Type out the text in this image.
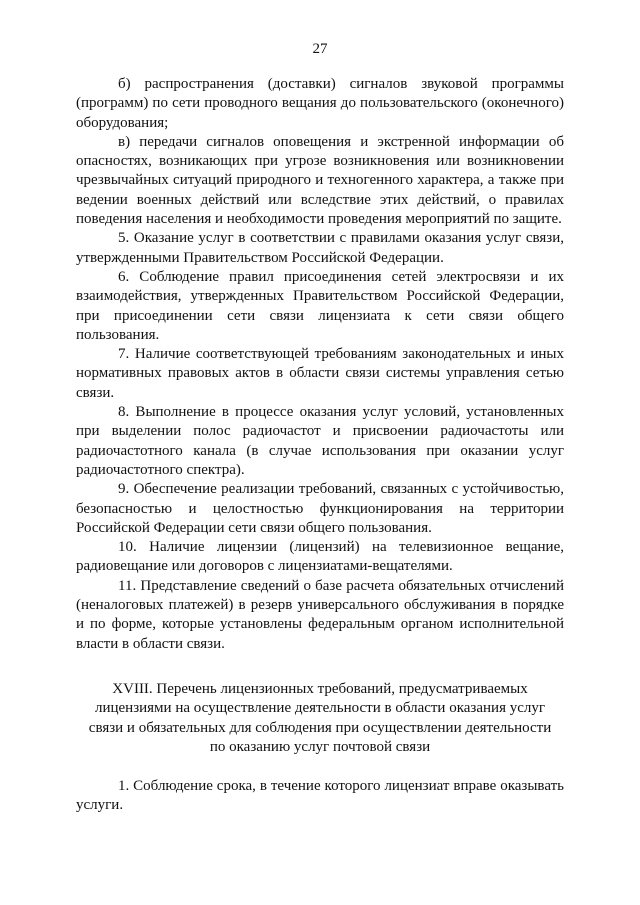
27

б) распространения (доставки) сигналов звуковой программы (программ) по сети проводного вещания до пользовательского (оконечного) оборудования;

в) передачи сигналов оповещения и экстренной информации об опасностях, возникающих при угрозе возникновения или возникновении чрезвычайных ситуаций природного и техногенного характера, а также при ведении военных действий или вследствие этих действий, о правилах поведения населения и необходимости проведения мероприятий по защите.

5. Оказание услуг в соответствии с правилами оказания услуг связи, утвержденными Правительством Российской Федерации.

6. Соблюдение правил присоединения сетей электросвязи и их взаимодействия, утвержденных Правительством Российской Федерации, при присоединении сети связи лицензиата к сети связи общего пользования.

7. Наличие соответствующей требованиям законодательных и иных нормативных правовых актов в области связи системы управления сетью связи.

8. Выполнение в процессе оказания услуг условий, установленных при выделении полос радиочастот и присвоении радиочастоты или радиочастотного канала (в случае использования при оказании услуг радиочастотного спектра).

9. Обеспечение реализации требований, связанных с устойчивостью, безопасностью и целостностью функционирования на территории Российской Федерации сети связи общего пользования.

10. Наличие лицензии (лицензий) на телевизионное вещание, радиовещание или договоров с лицензиатами-вещателями.

11. Представление сведений о базе расчета обязательных отчислений (неналоговых платежей) в резерв универсального обслуживания в порядке и по форме, которые установлены федеральным органом исполнительной власти в области связи.

XVIII. Перечень лицензионных требований, предусматриваемых лицензиями на осуществление деятельности в области оказания услуг связи и обязательных для соблюдения при осуществлении деятельности по оказанию услуг почтовой связи

1. Соблюдение срока, в течение которого лицензиат вправе оказывать услуги.
